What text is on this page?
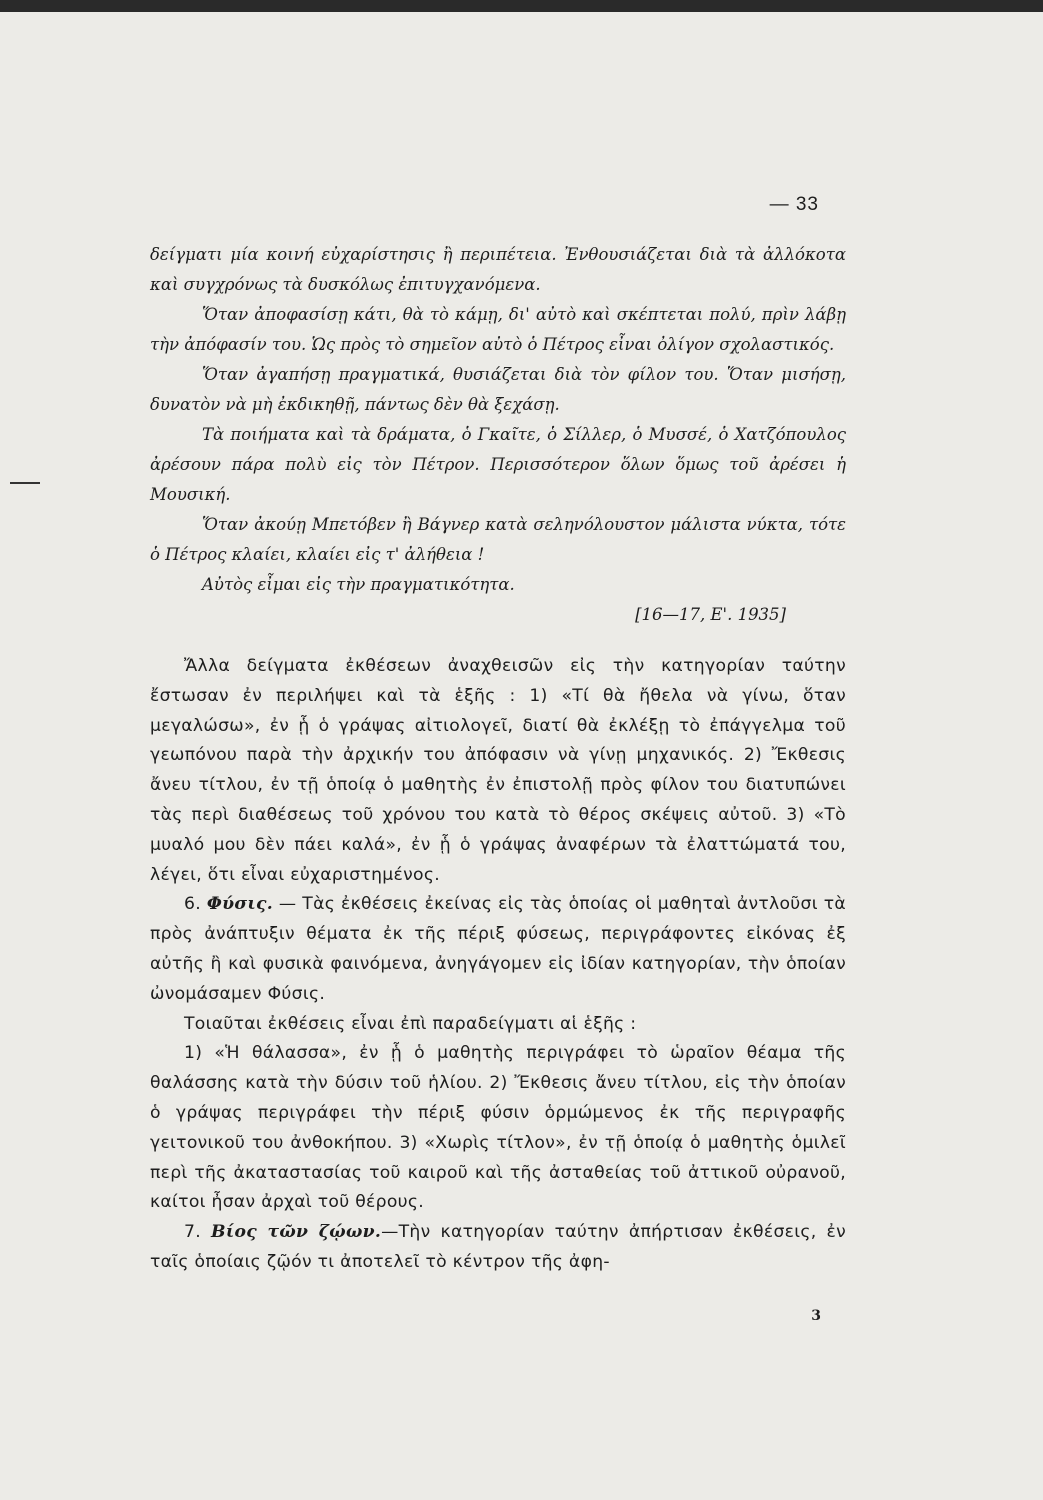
— 33

δείγματι μία κοινή εὐχαρίστησις ἢ περιπέτεια. Ἐνθουσιάζεται διὰ τὰ ἀλλόκοτα καὶ συγχρόνως τὰ δυσκόλως ἐπιτυγχανόμενα.

Ὅταν ἀποφασίσῃ κάτι, θὰ τὸ κάμῃ, δι' αὐτὸ καὶ σκέπτεται πολύ, πρὶν λάβῃ τὴν ἀπόφασίν του. Ὡς πρὸς τὸ σημεῖον αὐτὸ ὁ Πέτρος εἶναι ὀλίγον σχολαστικός.

Ὅταν ἀγαπήσῃ πραγματικά, θυσιάζεται διὰ τὸν φίλον του. Ὅταν μισήσῃ, δυνατὸν νὰ μὴ ἐκδικηθῇ, πάντως δὲν θὰ ξεχάσῃ.

Τὰ ποιήματα καὶ τὰ δράματα, ὁ Γκαῖτε, ὁ Σίλλερ, ὁ Μυσσέ, ὁ Χατζόπουλος ἀρέσουν πάρα πολὺ εἰς τὸν Πέτρον. Περισσότερον ὅλων ὅμως τοῦ ἀρέσει ἡ Μουσική.

Ὅταν ἀκούῃ Μπετόβεν ἢ Βάγνερ κατὰ σεληνόλουστον μάλιστα νύκτα, τότε ὁ Πέτρος κλαίει, κλαίει εἰς τ' ἀλήθεια !

Αὐτὸς εἶμαι εἰς τὴν πραγματικότητα.

[16—17, Ε'. 1935]

Ἄλλα δείγματα ἐκθέσεων ἀναχθεισῶν εἰς τὴν κατηγορίαν ταύτην ἔστωσαν ἐν περιλήψει καὶ τὰ ἑξῆς : 1) «Τί θὰ ἤθελα νὰ γίνω, ὅταν μεγαλώσω», ἐν ᾗ ὁ γράψας αἰτιολογεῖ, διατί θὰ ἐκλέξῃ τὸ ἐπάγγελμα τοῦ γεωπόνου παρὰ τὴν ἀρχικήν του ἀπόφασιν νὰ γίνῃ μηχανικός. 2) Ἔκθεσις ἄνευ τίτλου, ἐν τῇ ὁποίᾳ ὁ μαθητὴς ἐν ἐπιστολῇ πρὸς φίλον του διατυπώνει τὰς περὶ διαθέσεως τοῦ χρόνου του κατὰ τὸ θέρος σκέψεις αὐτοῦ. 3) «Τὸ μυαλό μου δὲν πάει καλά», ἐν ᾗ ὁ γράψας ἀναφέρων τὰ ἐλαττώματά του, λέγει, ὅτι εἶναι εὐχαριστημένος.

6. Φύσις. — Τὰς ἐκθέσεις ἐκείνας εἰς τὰς ὁποίας οἱ μαθηταὶ ἀντλοῦσι τὰ πρὸς ἀνάπτυξιν θέματα ἐκ τῆς πέριξ φύσεως, περιγράφοντες εἰκόνας ἐξ αὐτῆς ἢ καὶ φυσικὰ φαινόμενα, ἀνηγάγομεν εἰς ἰδίαν κατηγορίαν, τὴν ὁποίαν ὠνομάσαμεν Φύσις.

Τοιαῦται ἐκθέσεις εἶναι ἐπὶ παραδείγματι αἱ ἑξῆς :

1) «Ἡ θάλασσα», ἐν ᾗ ὁ μαθητὴς περιγράφει τὸ ὡραῖον θέαμα τῆς θαλάσσης κατὰ τὴν δύσιν τοῦ ἡλίου. 2) Ἔκθεσις ἄνευ τίτλου, εἰς τὴν ὁποίαν ὁ γράψας περιγράφει τὴν πέριξ φύσιν ὁρμώμενος ἐκ τῆς περιγραφῆς γειτονικοῦ του ἀνθοκήπου. 3) «Χωρὶς τίτλον», ἐν τῇ ὁποίᾳ ὁ μαθητὴς ὁμιλεῖ περὶ τῆς ἀκαταστασίας τοῦ καιροῦ καὶ τῆς ἀσταθείας τοῦ ἀττικοῦ οὐρανοῦ, καίτοι ἦσαν ἀρχαὶ τοῦ θέρους.

7. Βίος τῶν ζῴων.—Τὴν κατηγορίαν ταύτην ἀπήρτισαν ἐκθέσεις, ἐν ταῖς ὁποίαις ζῷόν τι ἀποτελεῖ τὸ κέντρον τῆς ἀφη-

3
